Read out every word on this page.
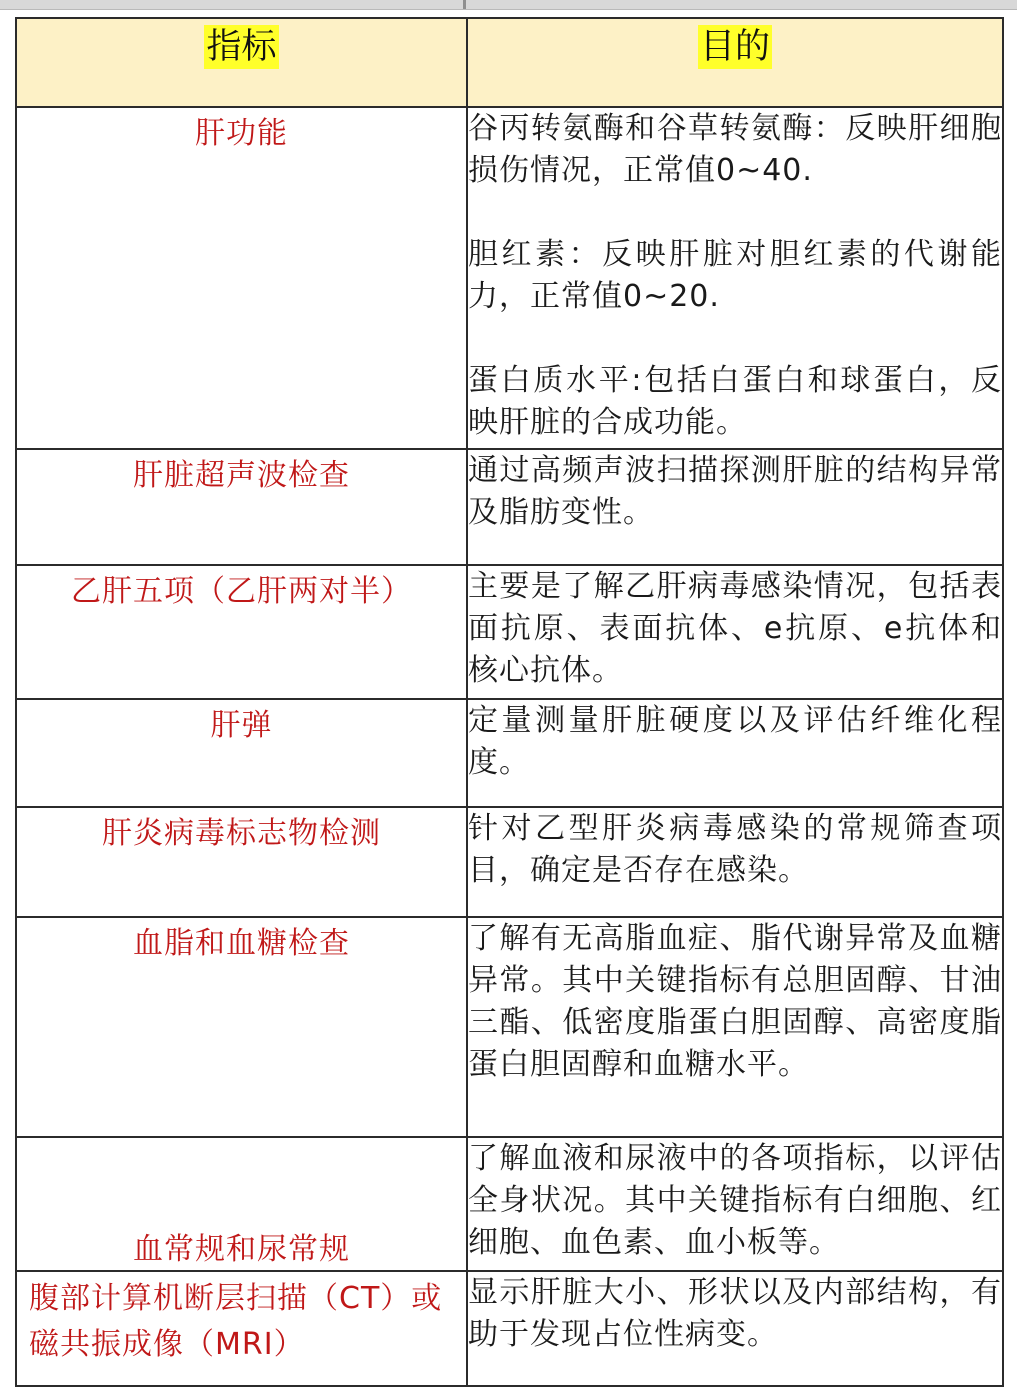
指标	目的
肝功能	谷丙转氨酶和谷草转氨酶：反映肝细胞损伤情况，正常值0~40.

胆红素：反映肝脏对胆红素的代谢能力，正常值0~20.

蛋白质水平:包括白蛋白和球蛋白，反映肝脏的合成功能。

肝脏超声波检查	通过高频声波扫描探测肝脏的结构异常及脂肪变性。

乙肝五项（乙肝两对半）	主要是了解乙肝病毒感染情况，包括表面抗原、表面抗体、e抗原、e抗体和核心抗体。

肝弹	定量测量肝脏硬度以及评估纤维化程度。

肝炎病毒标志物检测	针对乙型肝炎病毒感染的常规筛查项目，确定是否存在感染。

血脂和血糖检查	了解有无高脂血症、脂代谢异常及血糖异常。其中关键指标有总胆固醇、甘油三酯、低密度脂蛋白胆固醇、高密度脂蛋白胆固醇和血糖水平。

血常规和尿常规	了解血液和尿液中的各项指标，以评估全身状况。其中关键指标有白细胞、红细胞、血色素、血小板等。

腹部计算机断层扫描（CT）或磁共振成像（MRI）	显示肝脏大小、形状以及内部结构，有助于发现占位性病变。
